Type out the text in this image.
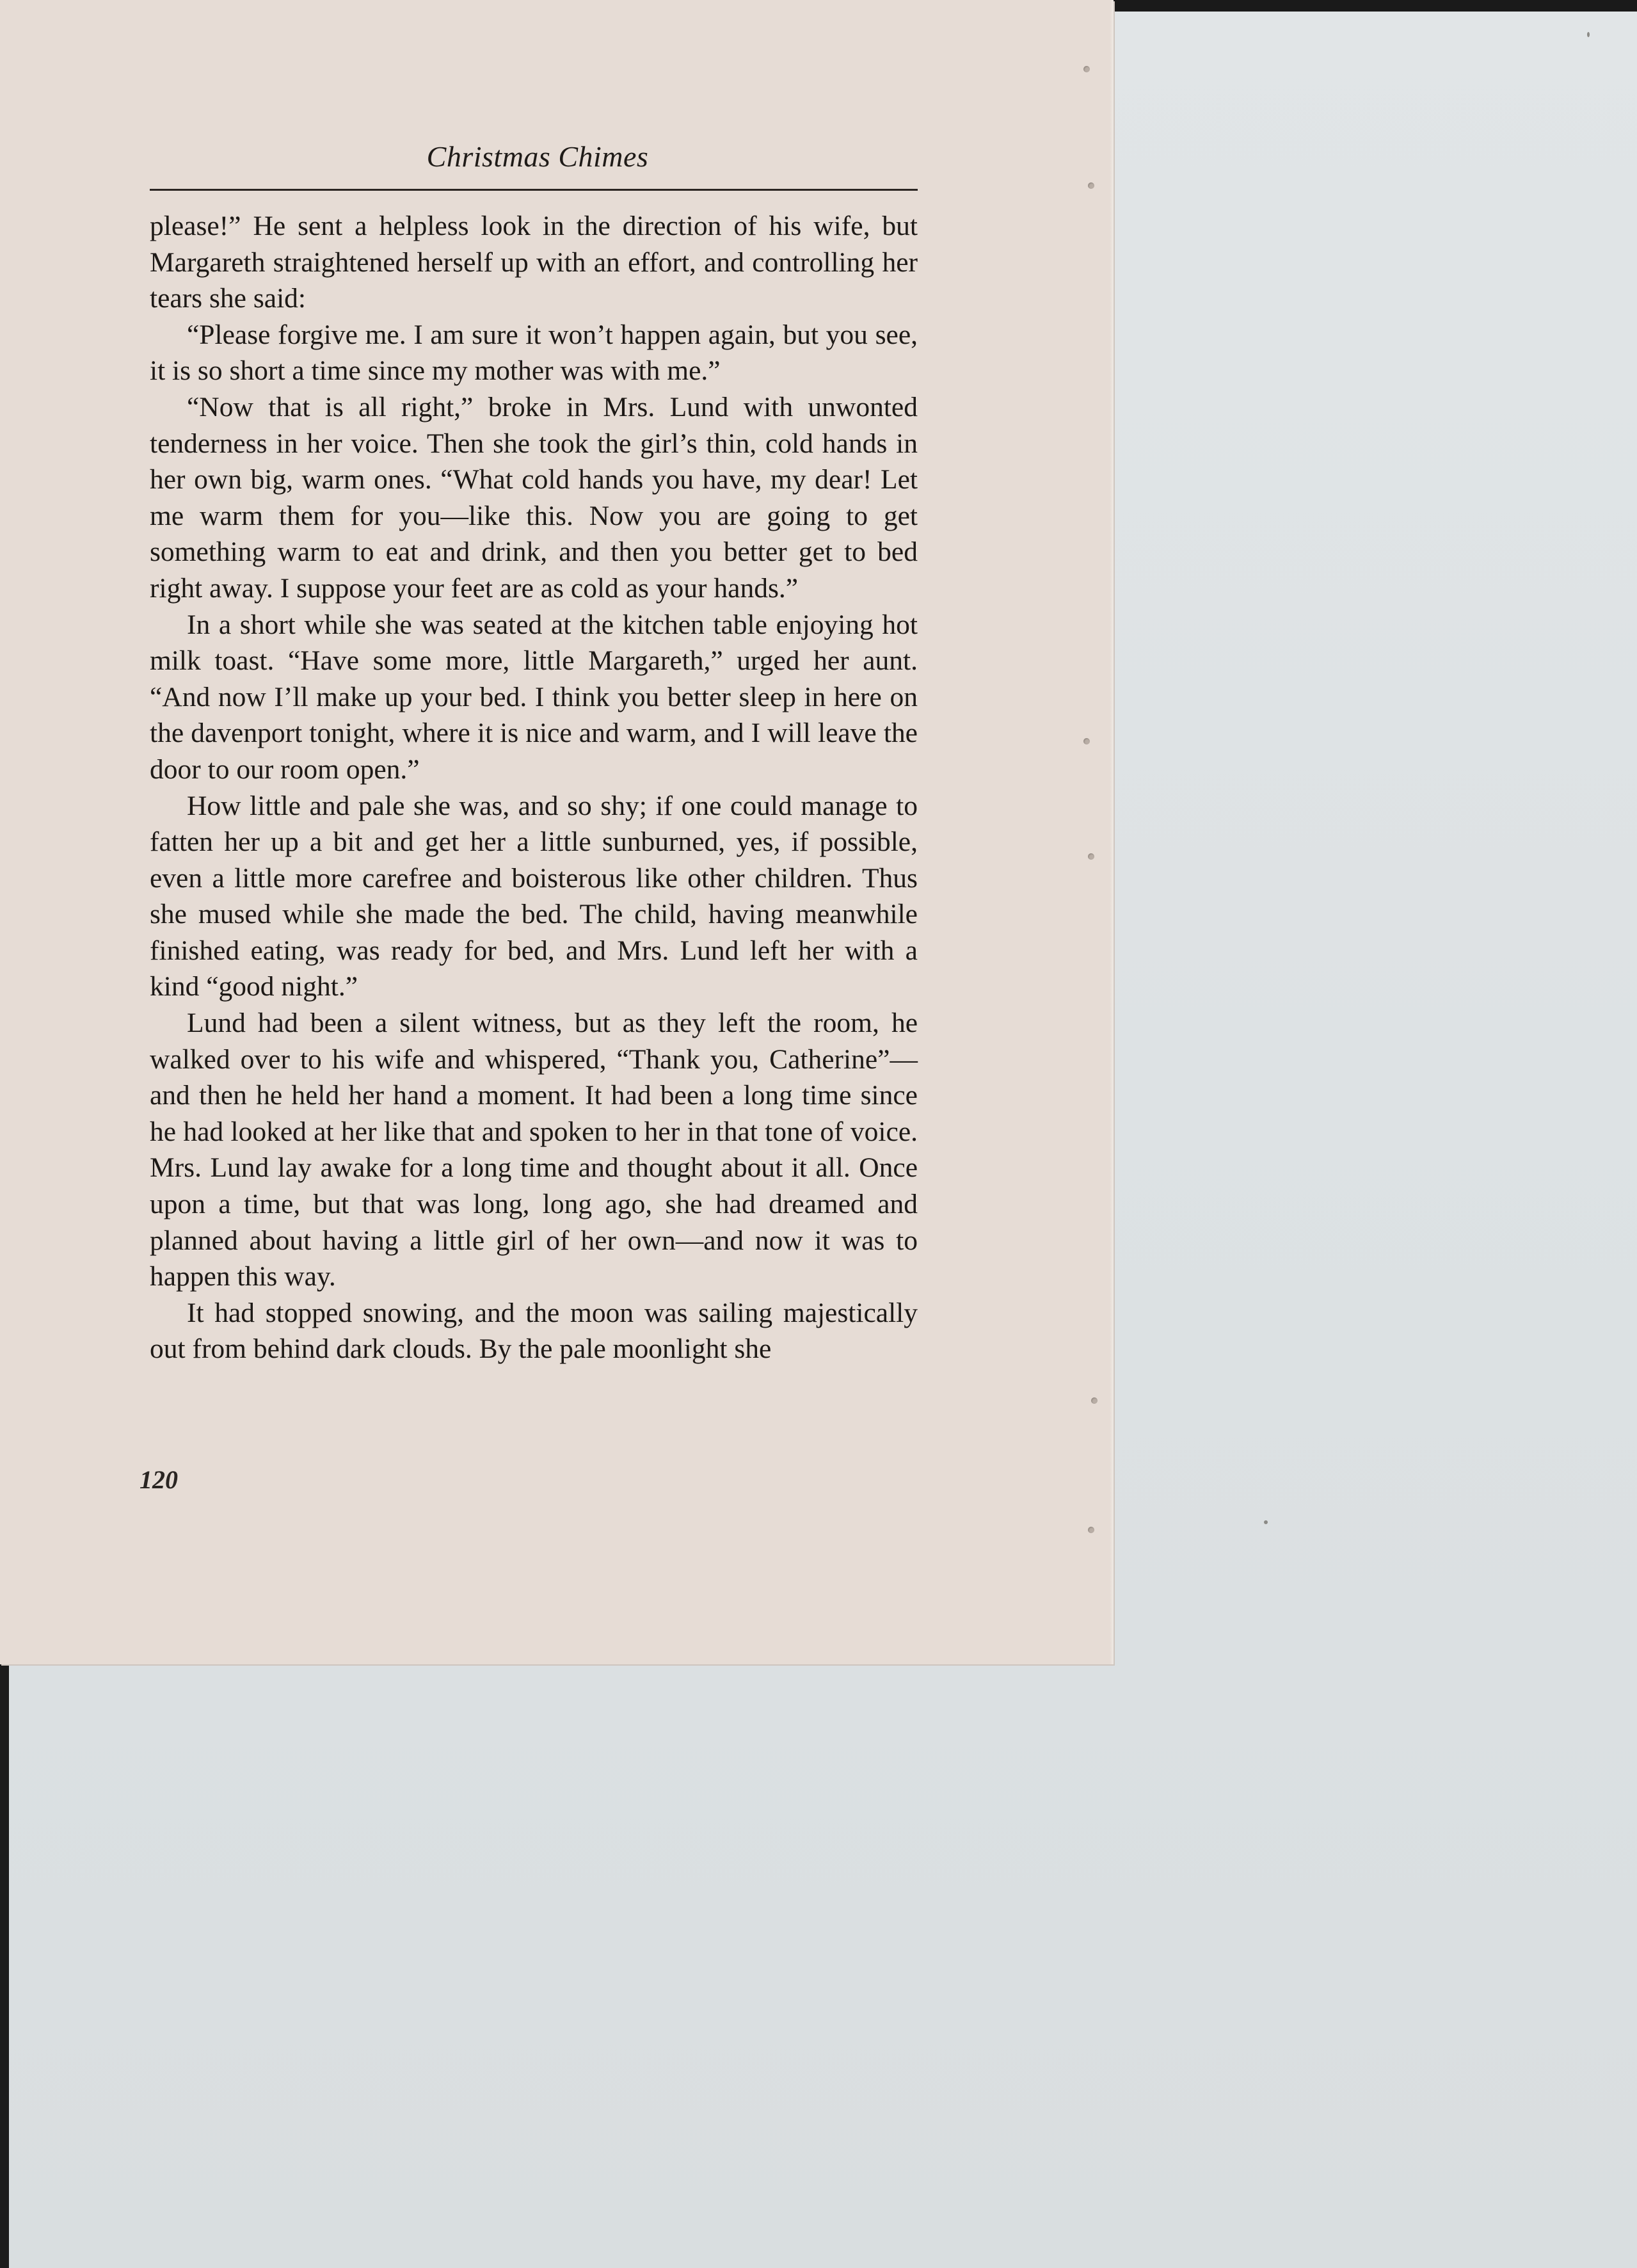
Christmas Chimes

please!” He sent a helpless look in the direction of his wife, but Margareth straightened herself up with an effort, and controlling her tears she said:

“Please forgive me. I am sure it won’t happen again, but you see, it is so short a time since my mother was with me.”

“Now that is all right,” broke in Mrs. Lund with unwonted tenderness in her voice. Then she took the girl’s thin, cold hands in her own big, warm ones. “What cold hands you have, my dear! Let me warm them for you—like this. Now you are going to get something warm to eat and drink, and then you better get to bed right away. I suppose your feet are as cold as your hands.”

In a short while she was seated at the kitchen table enjoying hot milk toast. “Have some more, little Margareth,” urged her aunt. “And now I’ll make up your bed. I think you better sleep in here on the davenport tonight, where it is nice and warm, and I will leave the door to our room open.”

How little and pale she was, and so shy; if one could manage to fatten her up a bit and get her a little sunburned, yes, if possible, even a little more carefree and boisterous like other children. Thus she mused while she made the bed. The child, having meanwhile finished eating, was ready for bed, and Mrs. Lund left her with a kind “good night.”

Lund had been a silent witness, but as they left the room, he walked over to his wife and whispered, “Thank you, Catherine”—and then he held her hand a moment. It had been a long time since he had looked at her like that and spoken to her in that tone of voice. Mrs. Lund lay awake for a long time and thought about it all. Once upon a time, but that was long, long ago, she had dreamed and planned about having a little girl of her own—and now it was to happen this way.

It had stopped snowing, and the moon was sailing majestically out from behind dark clouds. By the pale moonlight she

120
